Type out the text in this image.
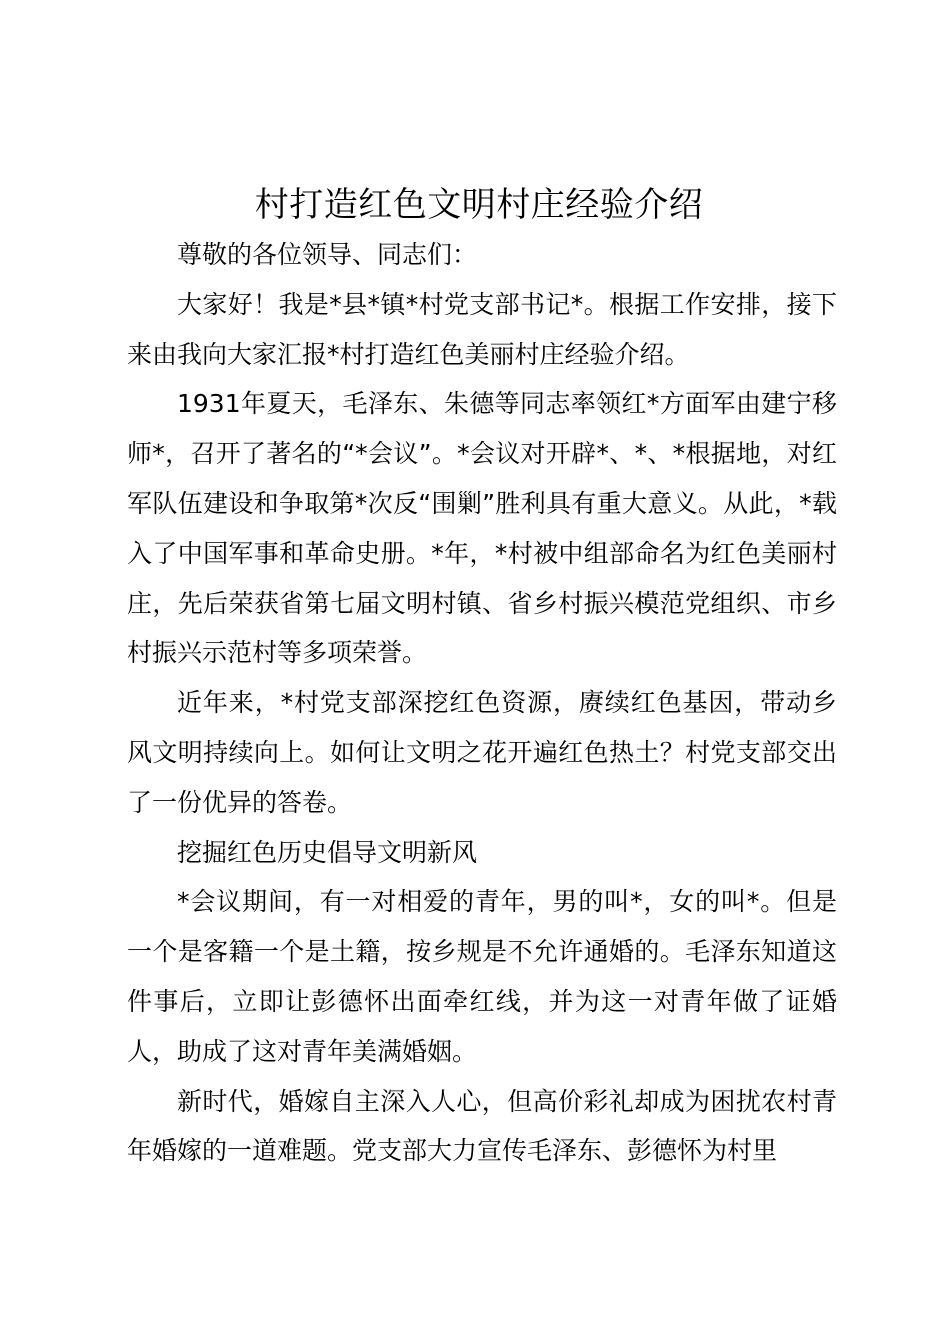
村打造红色文明村庄经验介绍

尊敬的各位领导、同志们：

大家好！我是*县*镇*村党支部书记*。根据工作安排，接下来由我向大家汇报*村打造红色美丽村庄经验介绍。

1931年夏天，毛泽东、朱德等同志率领红*方面军由建宁移师*，召开了著名的“*会议”。*会议对开辟*、*、*根据地，对红军队伍建设和争取第*次反“围剿”胜利具有重大意义。从此，*载入了中国军事和革命史册。*年，*村被中组部命名为红色美丽村庄，先后荣获省第七届文明村镇、省乡村振兴模范党组织、市乡村振兴示范村等多项荣誉。

近年来，*村党支部深挖红色资源，赓续红色基因，带动乡风文明持续向上。如何让文明之花开遍红色热土？村党支部交出了一份优异的答卷。

挖掘红色历史倡导文明新风

*会议期间，有一对相爱的青年，男的叫*，女的叫*。但是一个是客籍一个是土籍，按乡规是不允许通婚的。毛泽东知道这件事后，立即让彭德怀出面牵红线，并为这一对青年做了证婚人，助成了这对青年美满婚姻。

新时代，婚嫁自主深入人心，但高价彩礼却成为困扰农村青年婚嫁的一道难题。党支部大力宣传毛泽东、彭德怀为村里
